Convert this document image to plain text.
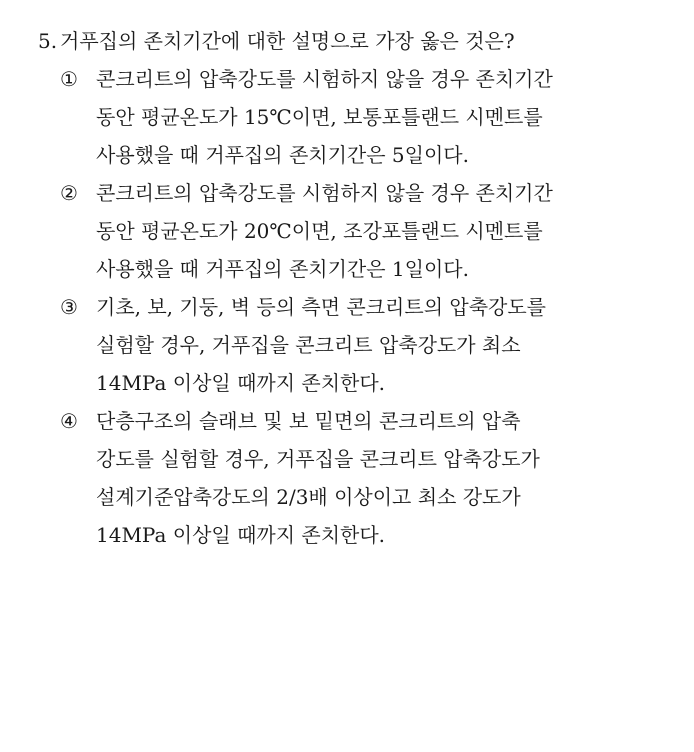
5. 거푸집의 존치기간에 대한 설명으로 가장 옳은 것은?
① 콘크리트의 압축강도를 시험하지 않을 경우 존치기간
동안 평균온도가 15℃이면, 보통포틀랜드 시멘트를
사용했을 때 거푸집의 존치기간은 5일이다.
② 콘크리트의 압축강도를 시험하지 않을 경우 존치기간
동안 평균온도가 20℃이면, 조강포틀랜드 시멘트를
사용했을 때 거푸집의 존치기간은 1일이다.
③ 기초, 보, 기둥, 벽 등의 측면 콘크리트의 압축강도를
실험할 경우, 거푸집을 콘크리트 압축강도가 최소
14MPa 이상일 때까지 존치한다.
④ 단층구조의 슬래브 및 보 밑면의 콘크리트의 압축
강도를 실험할 경우, 거푸집을 콘크리트 압축강도가
설계기준압축강도의 2/3배 이상이고 최소 강도가
14MPa 이상일 때까지 존치한다.
